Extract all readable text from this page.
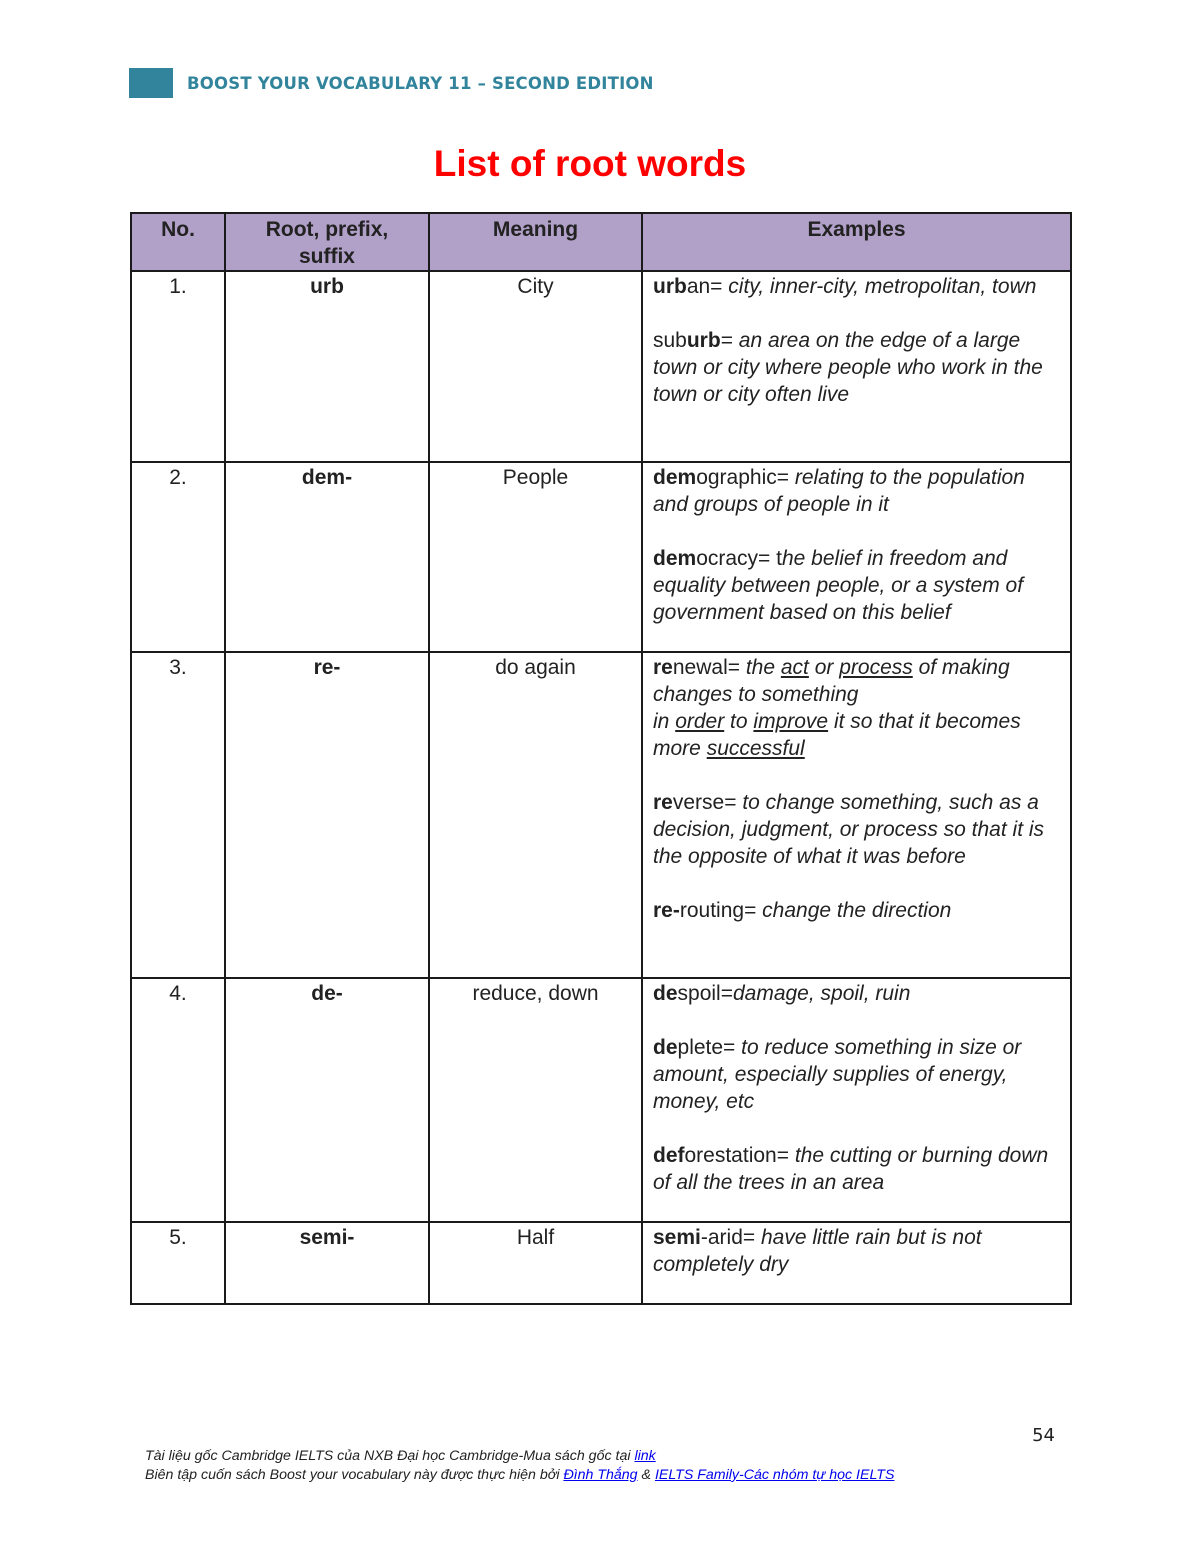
BOOST YOUR VOCABULARY 11 – SECOND EDITION
List of root words
No.	Root, prefix, suffix	Meaning	Examples
1.	urb	City	urban= city, inner-city, metropolitan, town
suburb= an area on the edge of a large town or city where people who work in the town or city often live

2.	dem-	People	demographic= relating to the population and groups of people in it
democracy= the belief in freedom and equality between people, or a system of government based on this belief

3.	re-	do again	renewal= the act or process of making changes to something
in order to improve it so that it becomes more successful
reverse= to change something, such as a decision, judgment, or process so that it is the opposite of what it was before
re-routing= change the direction

4.	de-	reduce, down	despoil=damage, spoil, ruin
deplete= to reduce something in size or amount, especially supplies of energy, money, etc
deforestation= the cutting or burning down of all the trees in an area

5.	semi-	Half	semi-arid= have little rain but is not completely dry
54
Tài liệu gốc Cambridge IELTS của NXB Đại học Cambridge-Mua sách gốc tại link
Biên tập cuốn sách Boost your vocabulary này được thực hiện bởi Đình Thắng & IELTS Family-Các nhóm tự học IELTS
